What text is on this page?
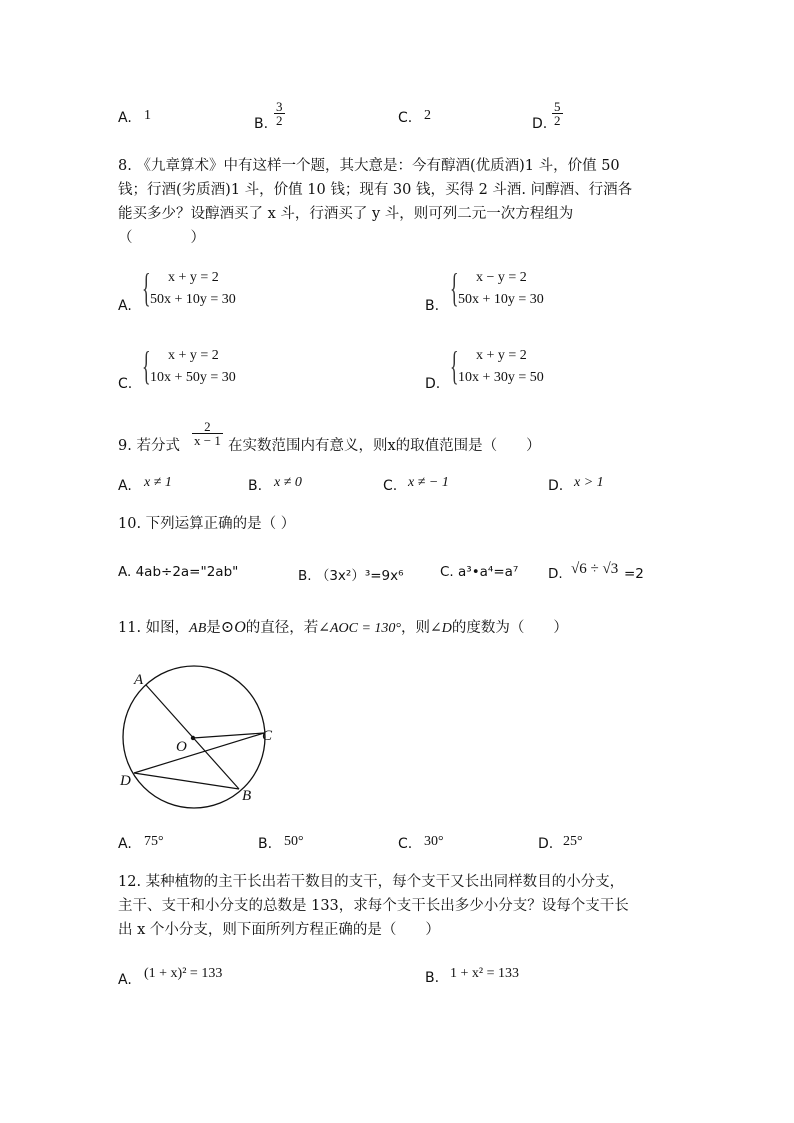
A. 1
B. $\frac{3}{2}$	C. 2
D. $\frac{5}{2}$
8. 《九章算术》中有这样一个题，其大意是：今有醇酒(优质酒)1 斗，价值 50
钱；行酒(劣质酒)1 斗，价值 10 钱；现有 30 钱，买得 2 斗酒. 问醇酒、行酒各
能买多少？设醇酒买了 x 斗，行酒买了 y 斗，则可列二元一次方程组为
（　　　　）
A. { x + y = 2
50x + 10y = 30	B. { x − y = 2
50x + 10y = 30
C. { x + y = 2
10x + 50y = 30	D. { x + y = 2
10x + 30y = 50
9. 若分式 $\frac{2}{x - 1}$ 在实数范围内有意义，则x的取值范围是（　　）
A. x ≠ 1	B. x ≠ 0	C. x ≠ − 1	D. x > 1
10. 下列运算正确的是（ ）
A. 4ab÷2a="2ab"	B. （3x²）³=9x⁶	C. a³•a⁴=a⁷ D. √6 ÷ √3 =2
11. 如图，AB是⊙O的直径，若∠AOC = 130°，则∠D的度数为（　　）
A
O
C
D
B
A. 75°	B. 50°	C. 30°	D. 25°
12. 某种植物的主干长出若干数目的支干，每个支干又长出同样数目的小分支，
主干、支干和小分支的总数是 133，求每个支干长出多少小分支？设每个支干长
出 x 个小分支，则下面所列方程正确的是（　　）
A. (1 + x)² = 133	B. 1 + x² = 133
